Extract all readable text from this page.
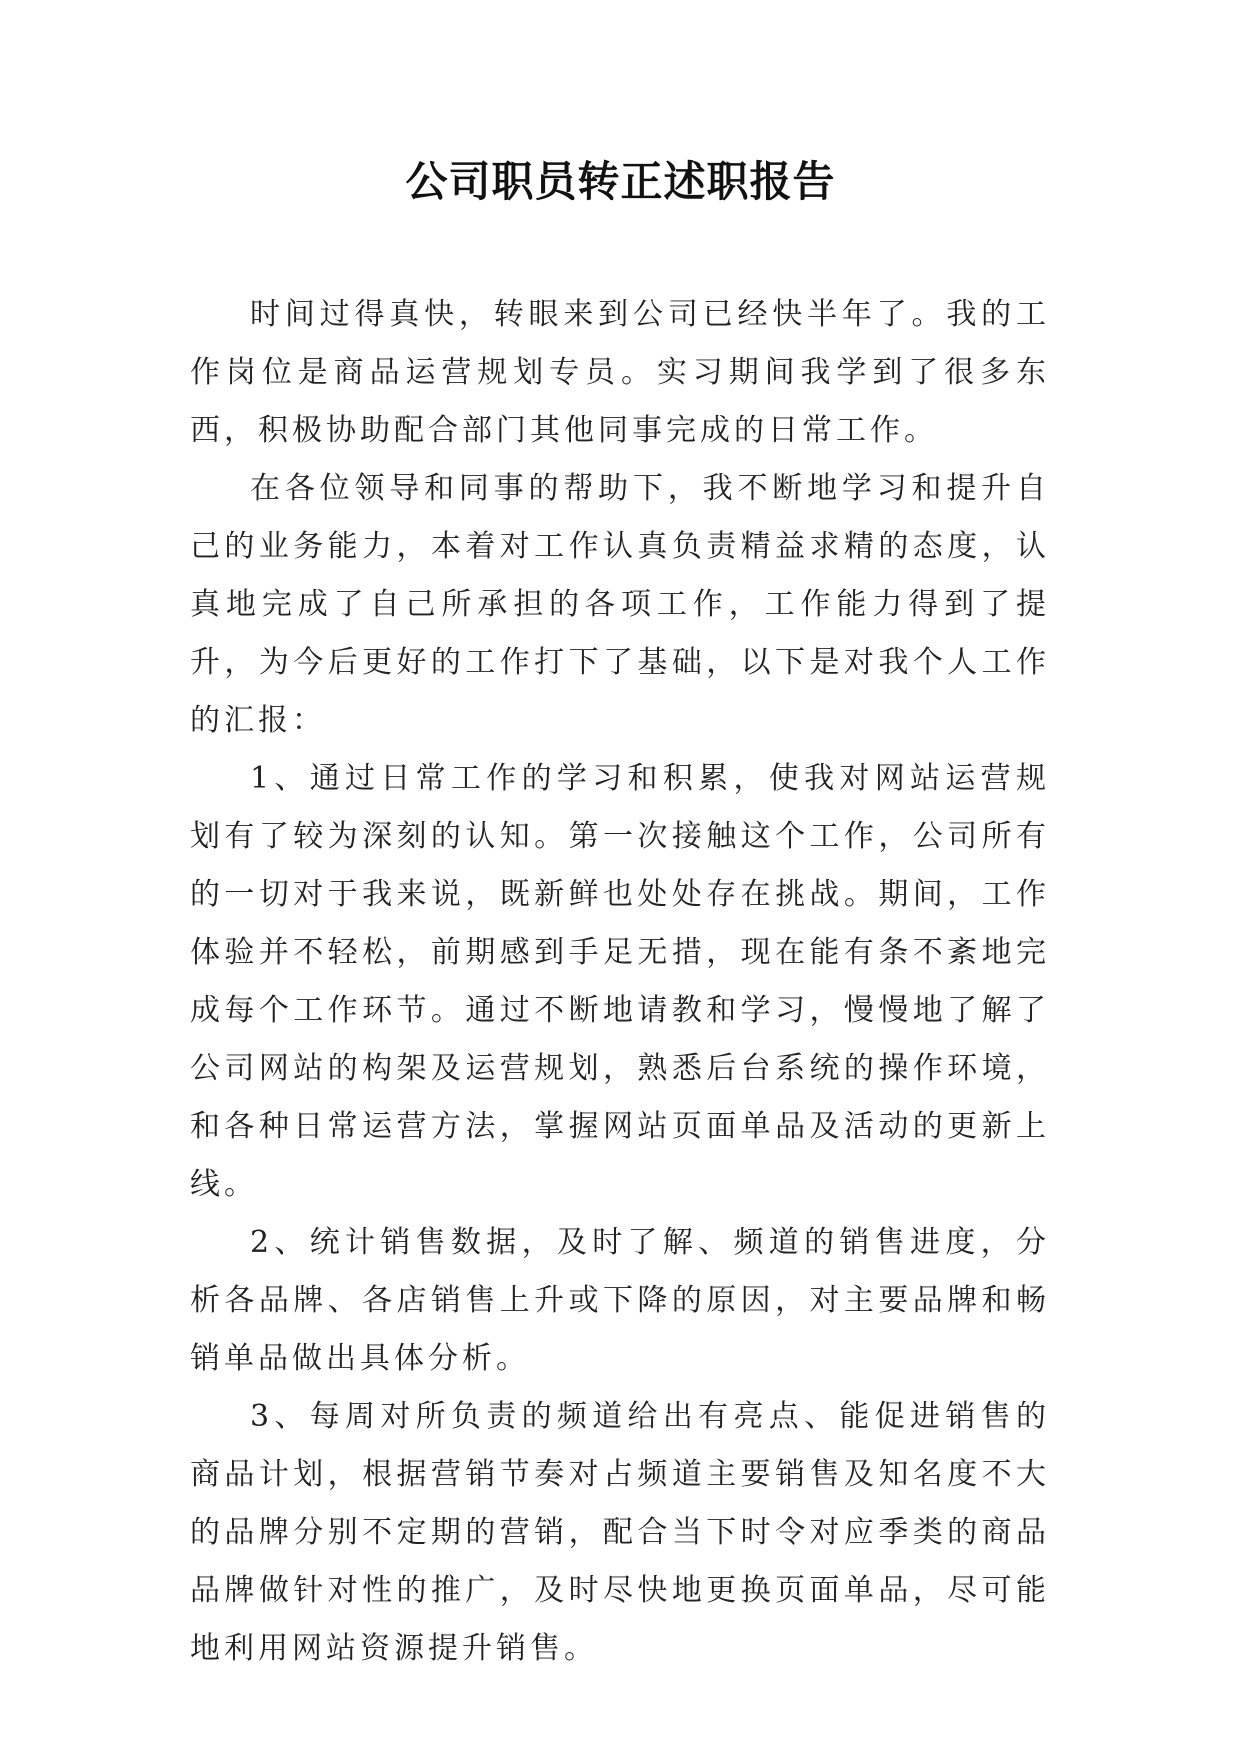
公司职员转正述职报告

时间过得真快，转眼来到公司已经快半年了。我的工作岗位是商品运营规划专员。实习期间我学到了很多东西，积极协助配合部门其他同事完成的日常工作。

在各位领导和同事的帮助下，我不断地学习和提升自己的业务能力，本着对工作认真负责精益求精的态度，认真地完成了自己所承担的各项工作，工作能力得到了提升，为今后更好的工作打下了基础，以下是对我个人工作的汇报：

1、通过日常工作的学习和积累，使我对网站运营规划有了较为深刻的认知。第一次接触这个工作，公司所有的一切对于我来说，既新鲜也处处存在挑战。期间，工作体验并不轻松，前期感到手足无措，现在能有条不紊地完成每个工作环节。通过不断地请教和学习，慢慢地了解了公司网站的构架及运营规划，熟悉后台系统的操作环境，和各种日常运营方法，掌握网站页面单品及活动的更新上线。

2、统计销售数据，及时了解、频道的销售进度，分析各品牌、各店销售上升或下降的原因，对主要品牌和畅销单品做出具体分析。

3、每周对所负责的频道给出有亮点、能促进销售的商品计划，根据营销节奏对占频道主要销售及知名度不大的品牌分别不定期的营销，配合当下时令对应季类的商品品牌做针对性的推广，及时尽快地更换页面单品，尽可能地利用网站资源提升销售。
